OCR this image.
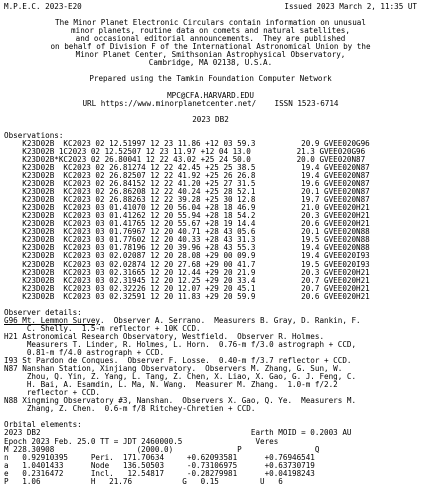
M.P.E.C. 2023-E20	Issued 2023 March 2, 11:35 UT
The Minor Planet Electronic Circulars contain information on unusual
minor planets, routine data on comets and natural satellites,
and occasional editorial announcements.  They are published
on behalf of Division F of the International Astronomical Union by the
Minor Planet Center, Smithsonian Astrophysical Observatory,
Cambridge, MA 02138, U.S.A.
Prepared using the Tamkin Foundation Computer Network
MPC@CFA.HARVARD.EDU
URL https://www.minorplanetcenter.net/    ISSN 1523-6714
2023 DB2
Observations:
K23D02B  KC2023 02 12.51997 12 23 11.86 +12 03 59.3          20.9 GVEE020G96
K23D02B 1C2023 02 12.52507 12 23 11.97 +12 04 13.0          21.3 GVEE020G96
K23D02B*KC2023 02 26.80041 12 22 43.02 +25 24 50.0          20.0 GVEE020N87
K23D02B  KC2023 02 26.81274 12 22 42.45 +25 25 38.5          19.4 GVEE020N87
K23D02B  KC2023 02 26.82507 12 22 41.92 +25 26 26.8          19.4 GVEE020N87
K23D02B  KC2023 02 26.84152 12 22 41.20 +25 27 31.5          19.6 GVEE020N87
K23D02B  KC2023 02 26.86208 12 22 40.24 +25 28 52.1          20.1 GVEE020N87
K23D02B  KC2023 02 26.88263 12 22 39.28 +25 30 12.8          19.7 GVEE020N87
K23D02B  KC2023 03 01.41070 12 20 56.04 +28 18 46.9          21.0 GVEE020H21
K23D02B  KC2023 03 01.41262 12 20 55.94 +28 18 54.2          20.3 GVEE020H21
K23D02B  KC2023 03 01.41765 12 20 55.67 +28 19 14.4          20.6 GVEE020H21
K23D02B  KC2023 03 01.76967 12 20 40.71 +28 43 05.6          20.1 GVEE020N88
K23D02B  KC2023 03 01.77602 12 20 40.33 +28 43 31.3          19.5 GVEE020N88
K23D02B  KC2023 03 01.78196 12 20 39.96 +28 43 55.3          19.4 GVEE020N88
K23D02B  KC2023 03 02.02087 12 20 28.08 +29 00 09.9          19.4 GVEE020I93
K23D02B  KC2023 03 02.02874 12 20 27.68 +29 00 41.7          19.5 GVEE020I93
K23D02B  KC2023 03 02.31665 12 20 12.44 +29 20 21.9          20.3 GVEE020H21
K23D02B  KC2023 03 02.31945 12 20 12.25 +29 20 33.4          20.7 GVEE020H21
K23D02B  KC2023 03 02.32226 12 20 12.07 +29 20 45.1          20.7 GVEE020H21
K23D02B  KC2023 03 02.32591 12 20 11.83 +29 20 59.9          20.6 GVEE020H21
Observer details:
G96 Mt. Lemmon Survey.  Observer A. Serrano.  Measurers B. Gray, D. Rankin, F.
C. Shelly.  1.5-m reflector + 10K CCD.
H21 Astronomical Research Observatory, Westfield.  Observer R. Holmes.
Measurers T. Linder, R. Holmes, L. Horn.  0.76-m f/3.0 astrograph + CCD,
0.81-m f/4.0 astrograph + CCD.
I93 St Pardon de Conques.  Observer F. Losse.  0.40-m f/3.7 reflector + CCD.
N87 Nanshan Station, Xinjiang Observatory.  Observers M. Zhang, G. Sun, W.
Zhou, Q. Yin, Z. Yang, L. Tang, Z. Chen, X. Liao, X. Gao, G. J. Feng, C.
H. Bai, A. Esamdin, L. Ma, N. Wang.  Measurer M. Zhang.  1.0-m f/2.2
reflector + CCD.
N88 Xingming Observatory #3, Nanshan.  Observers X. Gao, Q. Ye.  Measurers M.
Zhang, Z. Chen.  0.6-m f/8 Ritchey-Chretien + CCD.
Orbital elements:
2023 DB2                                              Earth MOID = 0.2003 AU
Epoch 2023 Feb. 25.0 TT = JDT 2460000.5                Veres
M 228.30908                  (2000.0)              P                Q
n   0.92910395     Peri.  171.70634     +0.62093581      +0.76946541
a   1.0401433      Node   136.50503     -0.73106975      +0.63730719
e   0.2316472      Incl.   12.54817     -0.28279981      +0.04198243
P   1.06           H   21.76           G   0.15         U   6
